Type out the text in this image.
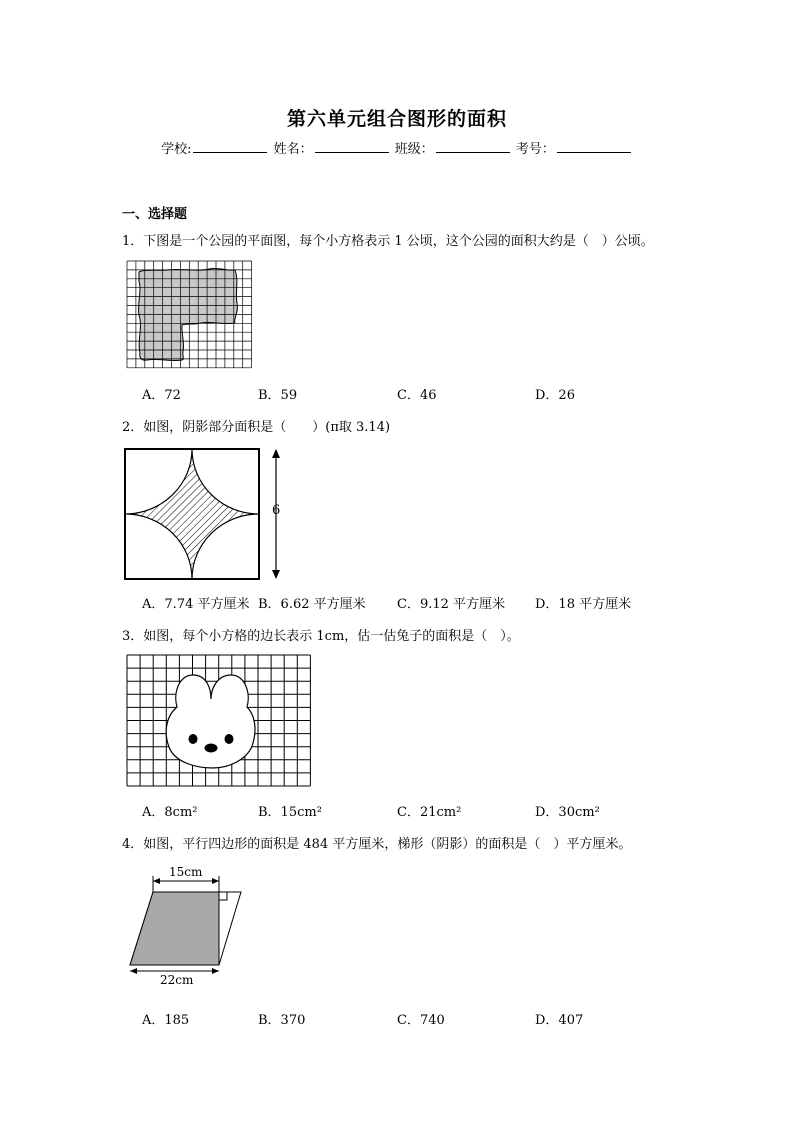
第六单元组合图形的面积
学校:	姓名：	班级：	考号：
一、选择题
1．下图是一个公园的平面图，每个小方格表示 1 公顷，这个公园的面积大约是（　）公顷。
A．72	B．59	C．46	D．26
2．如图，阴影部分面积是（　　）(π取 3.14)
6
A．7.74 平方厘米 B．6.62 平方厘米 C．9.12 平方厘米 D．18 平方厘米
3．如图，每个小方格的边长表示 1cm，估一估兔子的面积是（　）。
A．8cm²	B．15cm²	C．21cm²	D．30cm²
4．如图，平行四边形的面积是 484 平方厘米，梯形（阴影）的面积是（　）平方厘米。
15cm
22cm
A．185	B．370	C．740	D．407
